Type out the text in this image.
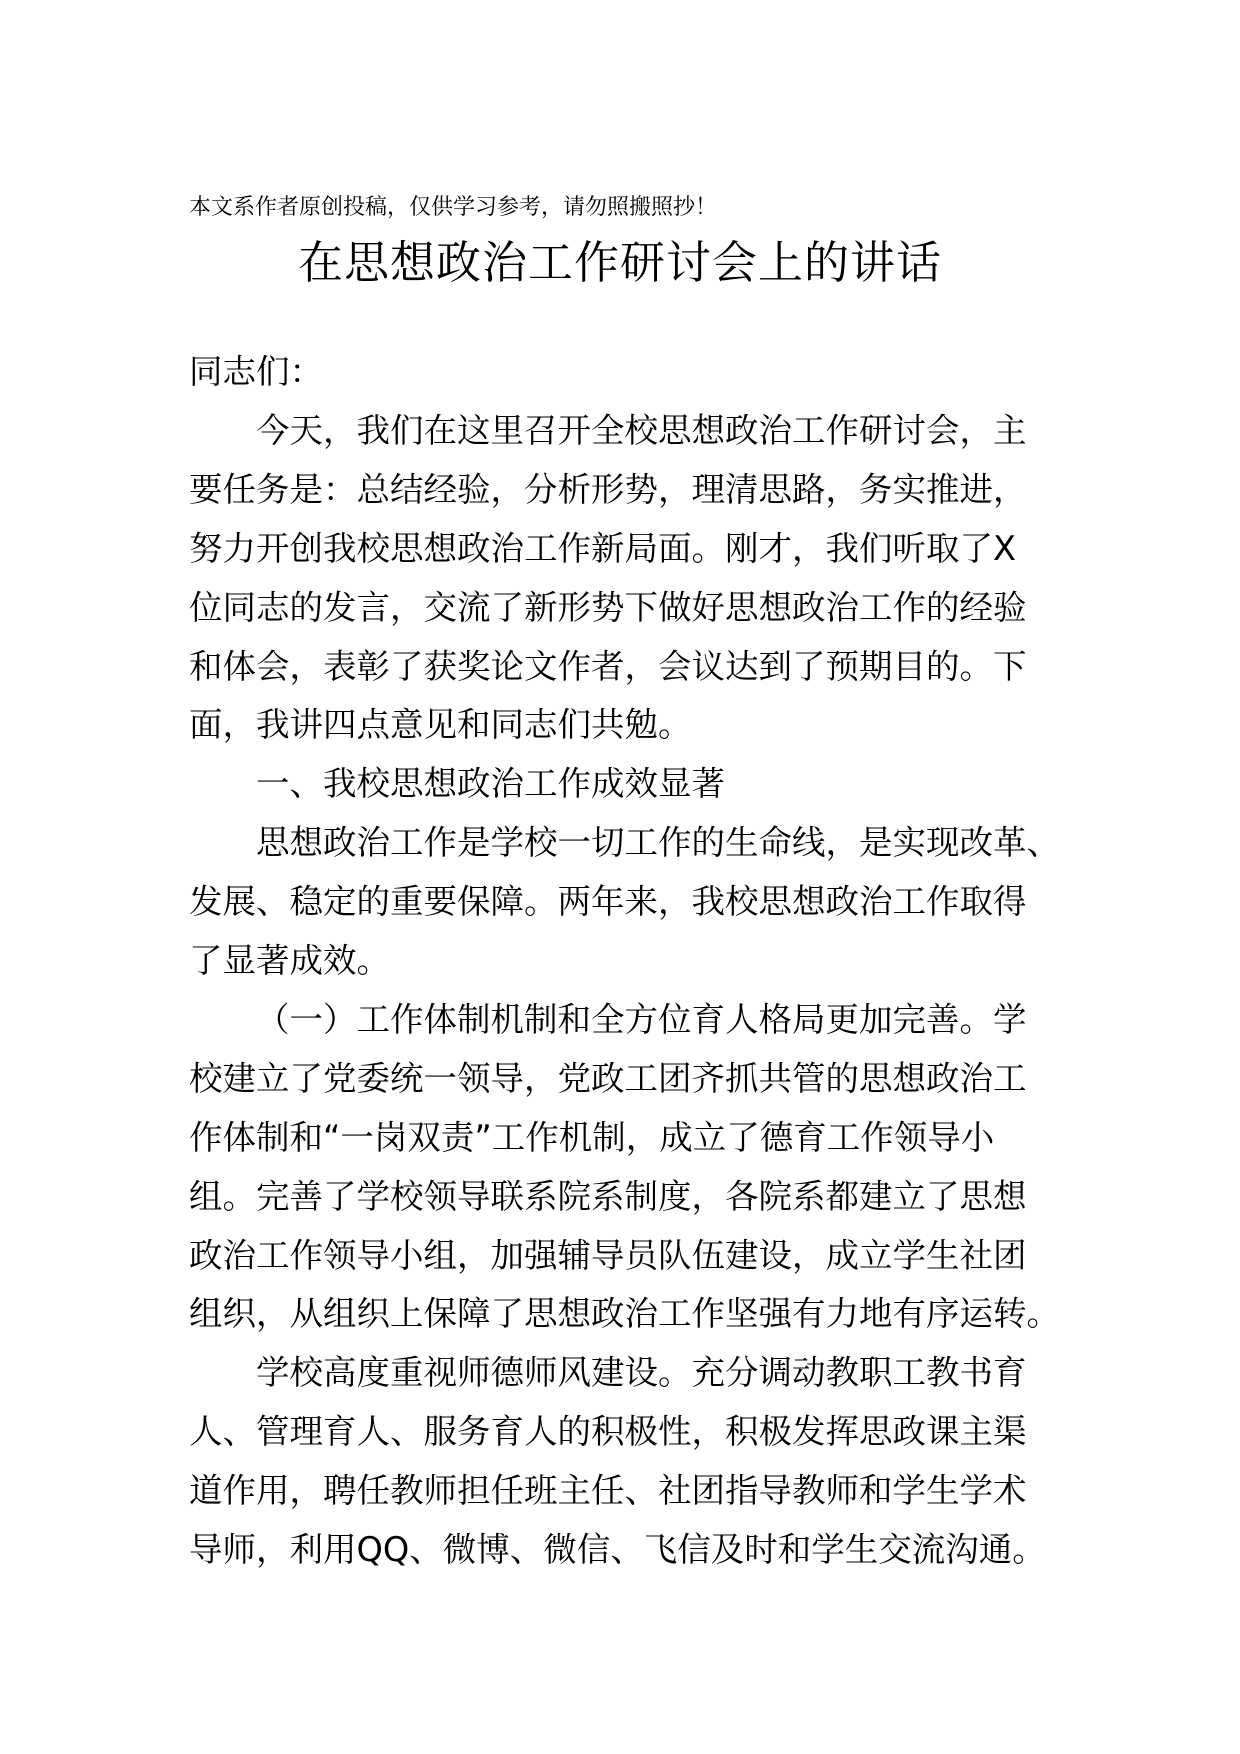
本文系作者原创投稿，仅供学习参考，请勿照搬照抄！
在思想政治工作研讨会上的讲话
同志们：
今天，我们在这里召开全校思想政治工作研讨会，主
要任务是：总结经验，分析形势，理清思路，务实推进，
努力开创我校思想政治工作新局面。刚才，我们听取了X
位同志的发言，交流了新形势下做好思想政治工作的经验
和体会，表彰了获奖论文作者，会议达到了预期目的。下
面，我讲四点意见和同志们共勉。
一、我校思想政治工作成效显著
思想政治工作是学校一切工作的生命线，是实现改革、
发展、稳定的重要保障。两年来，我校思想政治工作取得
了显著成效。
（一）工作体制机制和全方位育人格局更加完善。学
校建立了党委统一领导，党政工团齐抓共管的思想政治工
作体制和“一岗双责”工作机制，成立了德育工作领导小
组。完善了学校领导联系院系制度，各院系都建立了思想
政治工作领导小组，加强辅导员队伍建设，成立学生社团
组织，从组织上保障了思想政治工作坚强有力地有序运转。
学校高度重视师德师风建设。充分调动教职工教书育
人、管理育人、服务育人的积极性，积极发挥思政课主渠
道作用，聘任教师担任班主任、社团指导教师和学生学术
导师，利用QQ、微博、微信、飞信及时和学生交流沟通。
